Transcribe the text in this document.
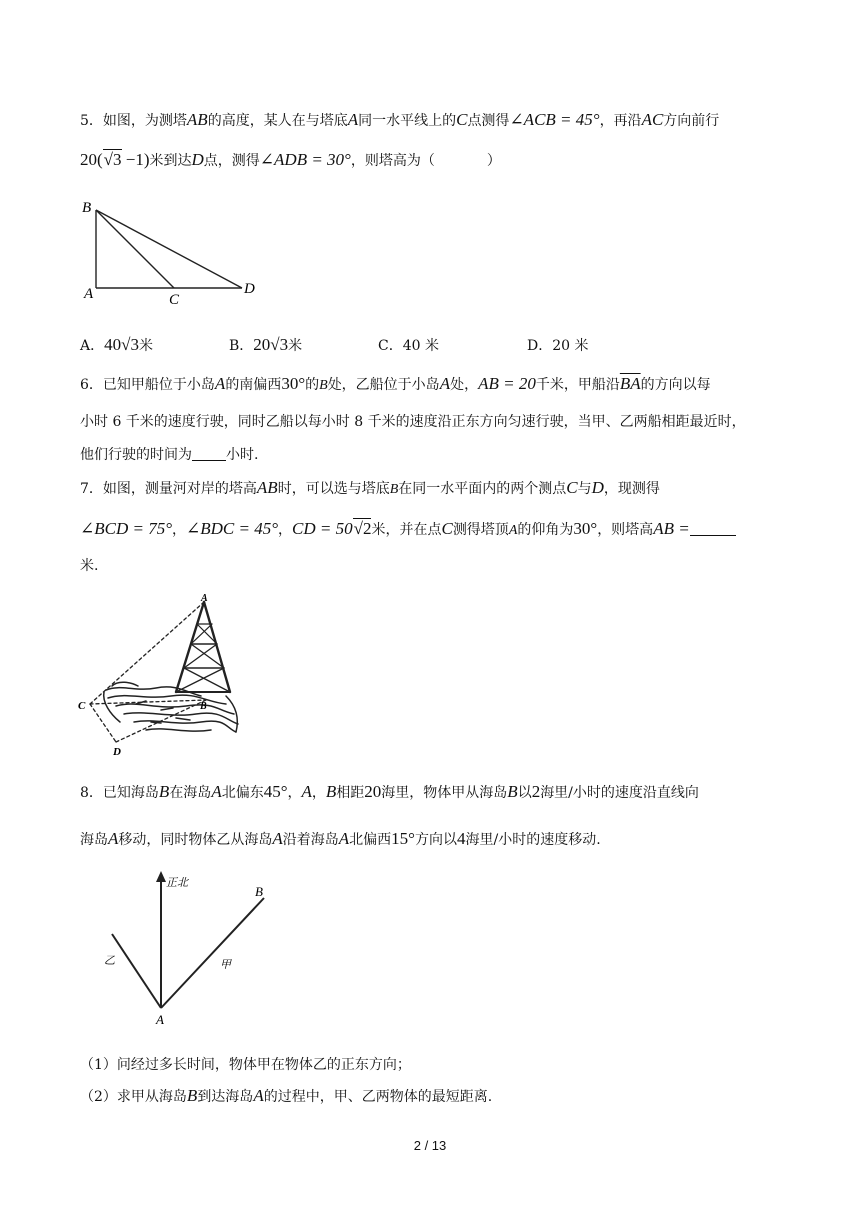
5．如图，为测塔AB的高度，某人在与塔底A同一水平线上的C点测得∠ACB = 45°，再沿AC方向前行
20(√3 −1)米到达D点，测得∠ADB = 30°，则塔高为（	）
B
A	C
D
A．40√3米	B．20√3米	C．40 米	D．20 米
6．已知甲船位于小岛A的南偏西30°的B处，乙船位于小岛A处，AB = 20千米，甲船沿$\overline{BA}$的方向以每
小时 6 千米的速度行驶，同时乙船以每小时 8 千米的速度沿正东方向匀速行驶，当甲、乙两船相距最近时，
他们行驶的时间为 小时.
7．如图，测量河对岸的塔高AB时，可以选与塔底B在同一水平面内的两个测点C与D，现测得
∠BCD = 75°，∠BDC = 45°，CD = 50√2米，并在点C测得塔顶A的仰角为30°，则塔高AB =
米.
A
B
C
D
8．已知海岛B在海岛A北偏东45°，A，B相距20海里，物体甲从海岛B以2海里/小时的速度沿直线向
海岛A移动，同时物体乙从海岛A沿着海岛A北偏西15°方向以4海里/小时的速度移动.
正北
B
A
乙	甲
（1）问经过多长时间，物体甲在物体乙的正东方向；
（2）求甲从海岛B到达海岛A的过程中，甲、乙两物体的最短距离.
2 / 13
